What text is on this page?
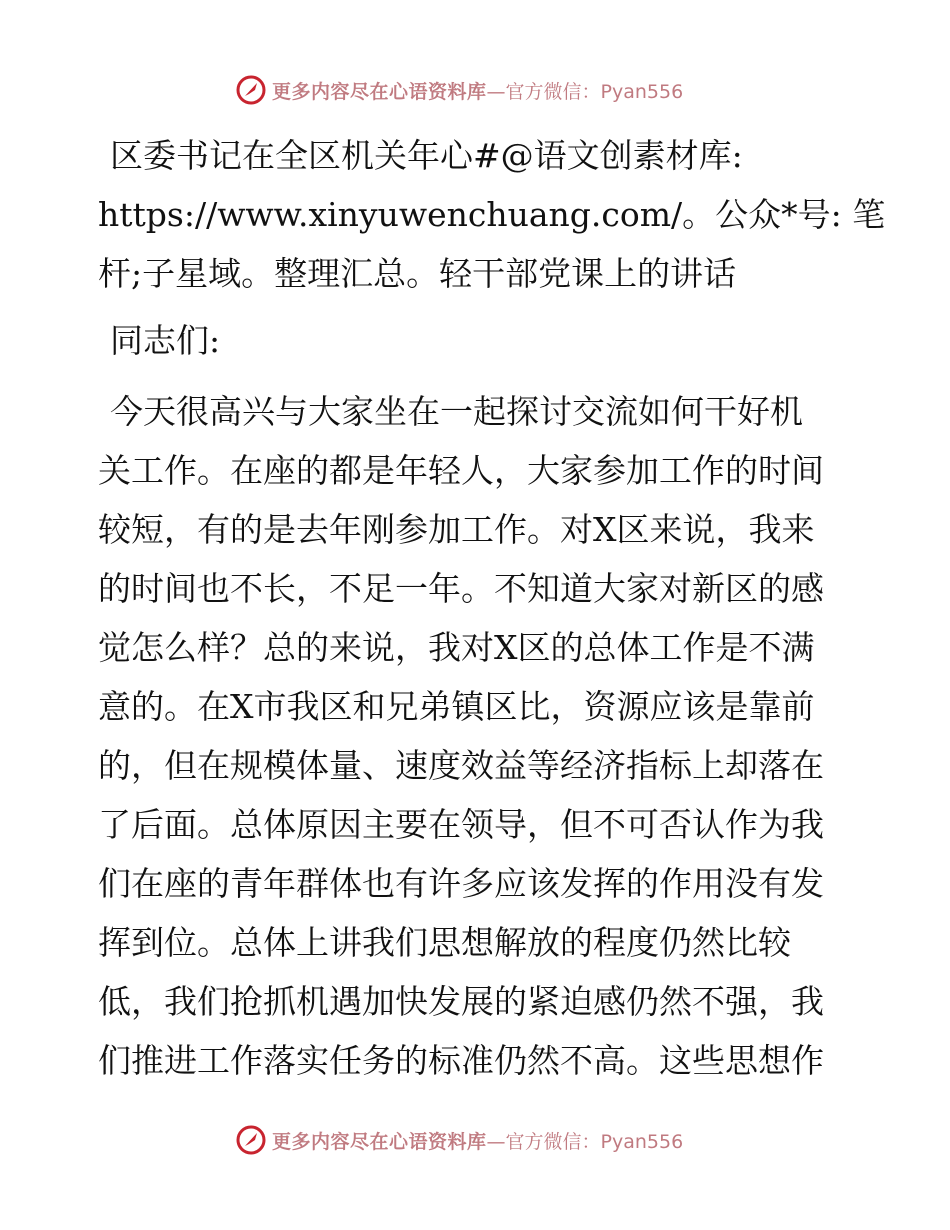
更多内容尽在心语资料库 —官方微信：Pyan556
区委书记在全区机关年心#@语文创素材库:
https://www.xinyuwenchuang.com/。公众*号: 笔
杆;子星域。整理汇总。轻干部党课上的讲话
同志们:
今天很高兴与大家坐在一起探讨交流如何干好机
关工作。在座的都是年轻人，大家参加工作的时间
较短，有的是去年刚参加工作。对X区来说，我来
的时间也不长，不足一年。不知道大家对新区的感
觉怎么样？总的来说，我对X区的总体工作是不满
意的。在X市我区和兄弟镇区比，资源应该是靠前
的，但在规模体量、速度效益等经济指标上却落在
了后面。总体原因主要在领导，但不可否认作为我
们在座的青年群体也有许多应该发挥的作用没有发
挥到位。总体上讲我们思想解放的程度仍然比较
低，我们抢抓机遇加快发展的紧迫感仍然不强，我
们推进工作落实任务的标准仍然不高。这些思想作
更多内容尽在心语资料库 —官方微信：Pyan556
